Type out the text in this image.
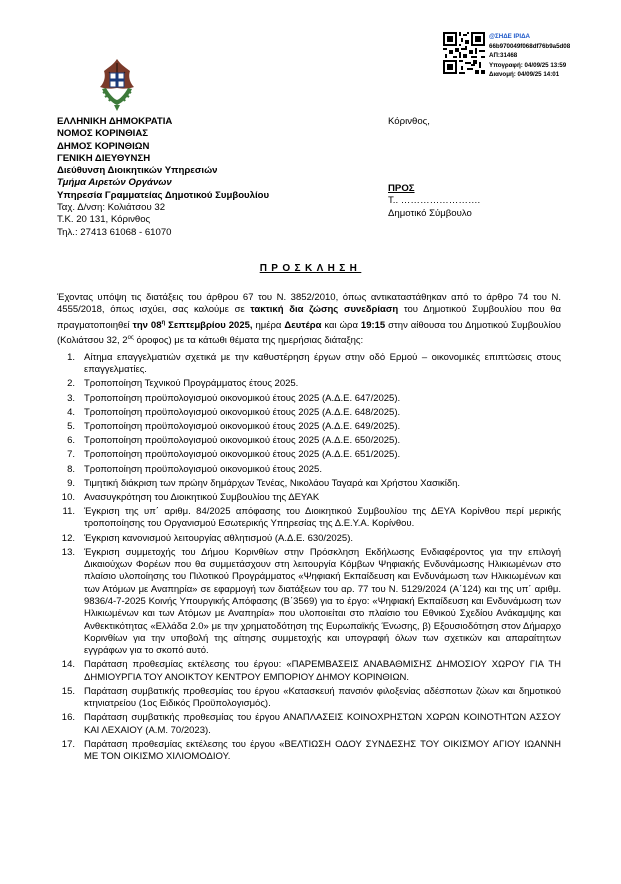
@ΣΗΔΕ ΙΡΙΔΑ
66b970049f068df76b9a5d08
ΑΠ:31468
Υπογραφή: 04/09/25 13:59
Διανομή: 04/09/25 14:01
ΕΛΛΗΝΙΚΗ ΔΗΜΟΚΡΑΤΙΑ
ΝΟΜΟΣ ΚΟΡΙΝΘΙΑΣ
ΔΗΜΟΣ ΚΟΡΙΝΘΙΩΝ
ΓΕΝΙΚΗ ΔΙΕΥΘΥΝΣΗ
Διεύθυνση Διοικητικών Υπηρεσιών
Τμήμα Αιρετών Οργάνων
Υπηρεσία Γραμματείας Δημοτικού Συμβουλίου
Ταχ. Δ/νση: Κολιάτσου 32
Τ.Κ. 20 131, Κόρινθος
Τηλ.: 27413 61068 - 61070
Κόρινθος,
ΠΡΟΣ
Τ.. …………………….
Δημοτικό Σύμβουλο
ΠΡΟΣΚΛΗΣΗ
Έχοντας υπόψη τις διατάξεις του άρθρου 67 του Ν. 3852/2010, όπως αντικαταστάθηκαν από το άρθρο 74 του Ν. 4555/2018, όπως ισχύει, σας καλούμε σε τακτική δια ζώσης συνεδρίαση του Δημοτικού Συμβουλίου που θα πραγματοποιηθεί την $08^\eta$ Σεπτεμβρίου 2025, ημέρα Δευτέρα και ώρα 19:15 στην αίθουσα του Δημοτικού Συμβουλίου (Κολιάτσου 32, $2^{o\varsigma}$ όροφος) με τα κάτωθι θέματα της ημερήσιας διάταξης:
1. Αίτημα επαγγελματιών σχετικά με την καθυστέρηση έργων στην οδό Ερμού – οικονομικές επιπτώσεις στους επαγγελματίες.
2. Τροποποίηση Τεχνικού Προγράμματος έτους 2025.
3. Τροποποίηση προϋπολογισμού οικονομικού έτους 2025 (Α.Δ.Ε. 647/2025).
4. Τροποποίηση προϋπολογισμού οικονομικού έτους 2025 (Α.Δ.Ε. 648/2025).
5. Τροποποίηση προϋπολογισμού οικονομικού έτους 2025 (Α.Δ.Ε. 649/2025).
6. Τροποποίηση προϋπολογισμού οικονομικού έτους 2025 (Α.Δ.Ε. 650/2025).
7. Τροποποίηση προϋπολογισμού οικονομικού έτους 2025 (Α.Δ.Ε. 651/2025).
8. Τροποποίηση προϋπολογισμού οικονομικού έτους 2025.
9. Τιμητική διάκριση των πρώην δημάρχων Τενέας, Νικολάου Ταγαρά και Χρήστου Χασικίδη.
10. Ανασυγκρότηση του Διοικητικού Συμβουλίου της ΔΕΥΑΚ
11. Έγκριση της υπ΄ αριθμ. 84/2025 απόφασης του Διοικητικού Συμβουλίου της ΔΕΥΑ Κορίνθου περί μερικής τροποποίησης του Οργανισμού Εσωτερικής Υπηρεσίας της Δ.Ε.Υ.Α. Κορίνθου.
12. Έγκριση κανονισμού λειτουργίας αθλητισμού (Α.Δ.Ε. 630/2025).
13. Έγκριση συμμετοχής του Δήμου Κορινθίων στην Πρόσκληση Εκδήλωσης Ενδιαφέροντος για την επιλογή Δικαιούχων Φορέων που θα συμμετάσχουν στη λειτουργία Κόμβων Ψηφιακής Ενδυνάμωσης Ηλικιωμένων στο πλαίσιο υλοποίησης του Πιλοτικού Προγράμματος «Ψηφιακή Εκπαίδευση και Ενδυνάμωση των Ηλικιωμένων και των Ατόμων με Αναπηρία» σε εφαρμογή των διατάξεων του αρ. 77 του Ν. 5129/2024 (Α΄124) και της υπ΄ αριθμ. 9836/4-7-2025 Κοινής Υπουργικής Απόφασης (Β΄3569) για το έργο: «Ψηφιακή Εκπαίδευση και Ενδυνάμωση των Ηλικιωμένων και των Ατόμων με Αναπηρία» που υλοποιείται στο πλαίσιο του Εθνικού Σχεδίου Ανάκαμψης και Ανθεκτικότητας «Ελλάδα 2.0» με την χρηματοδότηση της Ευρωπαϊκής Ένωσης, β) Εξουσιοδότηση στον Δήμαρχο Κορινθίων για την υποβολή της αίτησης συμμετοχής και υπογραφή όλων των σχετικών και απαραίτητων εγγράφων για το σκοπό αυτό.
14. Παράταση προθεσμίας εκτέλεσης του έργου: «ΠΑΡΕΜΒΑΣΕΙΣ ΑΝΑΒΑΘΜΙΣΗΣ ΔΗΜΟΣΙΟΥ ΧΩΡΟΥ ΓΙΑ ΤΗ ΔΗΜΙΟΥΡΓΙΑ ΤΟΥ ΑΝΟΙΚΤΟΥ ΚΕΝΤΡΟΥ ΕΜΠΟΡΙΟΥ ΔΗΜΟΥ ΚΟΡΙΝΘΙΩΝ.
15. Παράταση συμβατικής προθεσμίας του έργου «Κατασκευή πανσιόν φιλοξενίας αδέσποτων ζώων και δημοτικού κτηνιατρείου (1ος Ειδικός Προϋπολογισμός).
16. Παράταση συμβατικής προθεσμίας του έργου ΑΝΑΠΛΑΣΕΙΣ ΚΟΙΝΟΧΡΗΣΤΩΝ ΧΩΡΩΝ ΚΟΙΝΟΤΗΤΩΝ ΑΣΣΟΥ ΚΑΙ ΛΕΧΑΙΟΥ (Α.Μ. 70/2023).
17. Παράταση προθεσμίας εκτέλεσης του έργου «ΒΕΛΤΙΩΣΗ ΟΔΟΥ ΣΥΝΔΕΣΗΣ ΤΟΥ ΟΙΚΙΣΜΟΥ ΑΓΙΟΥ ΙΩΑΝΝΗ ΜΕ ΤΟΝ ΟΙΚΙΣΜΟ ΧΙΛΙΟΜΟΔΙΟΥ.
